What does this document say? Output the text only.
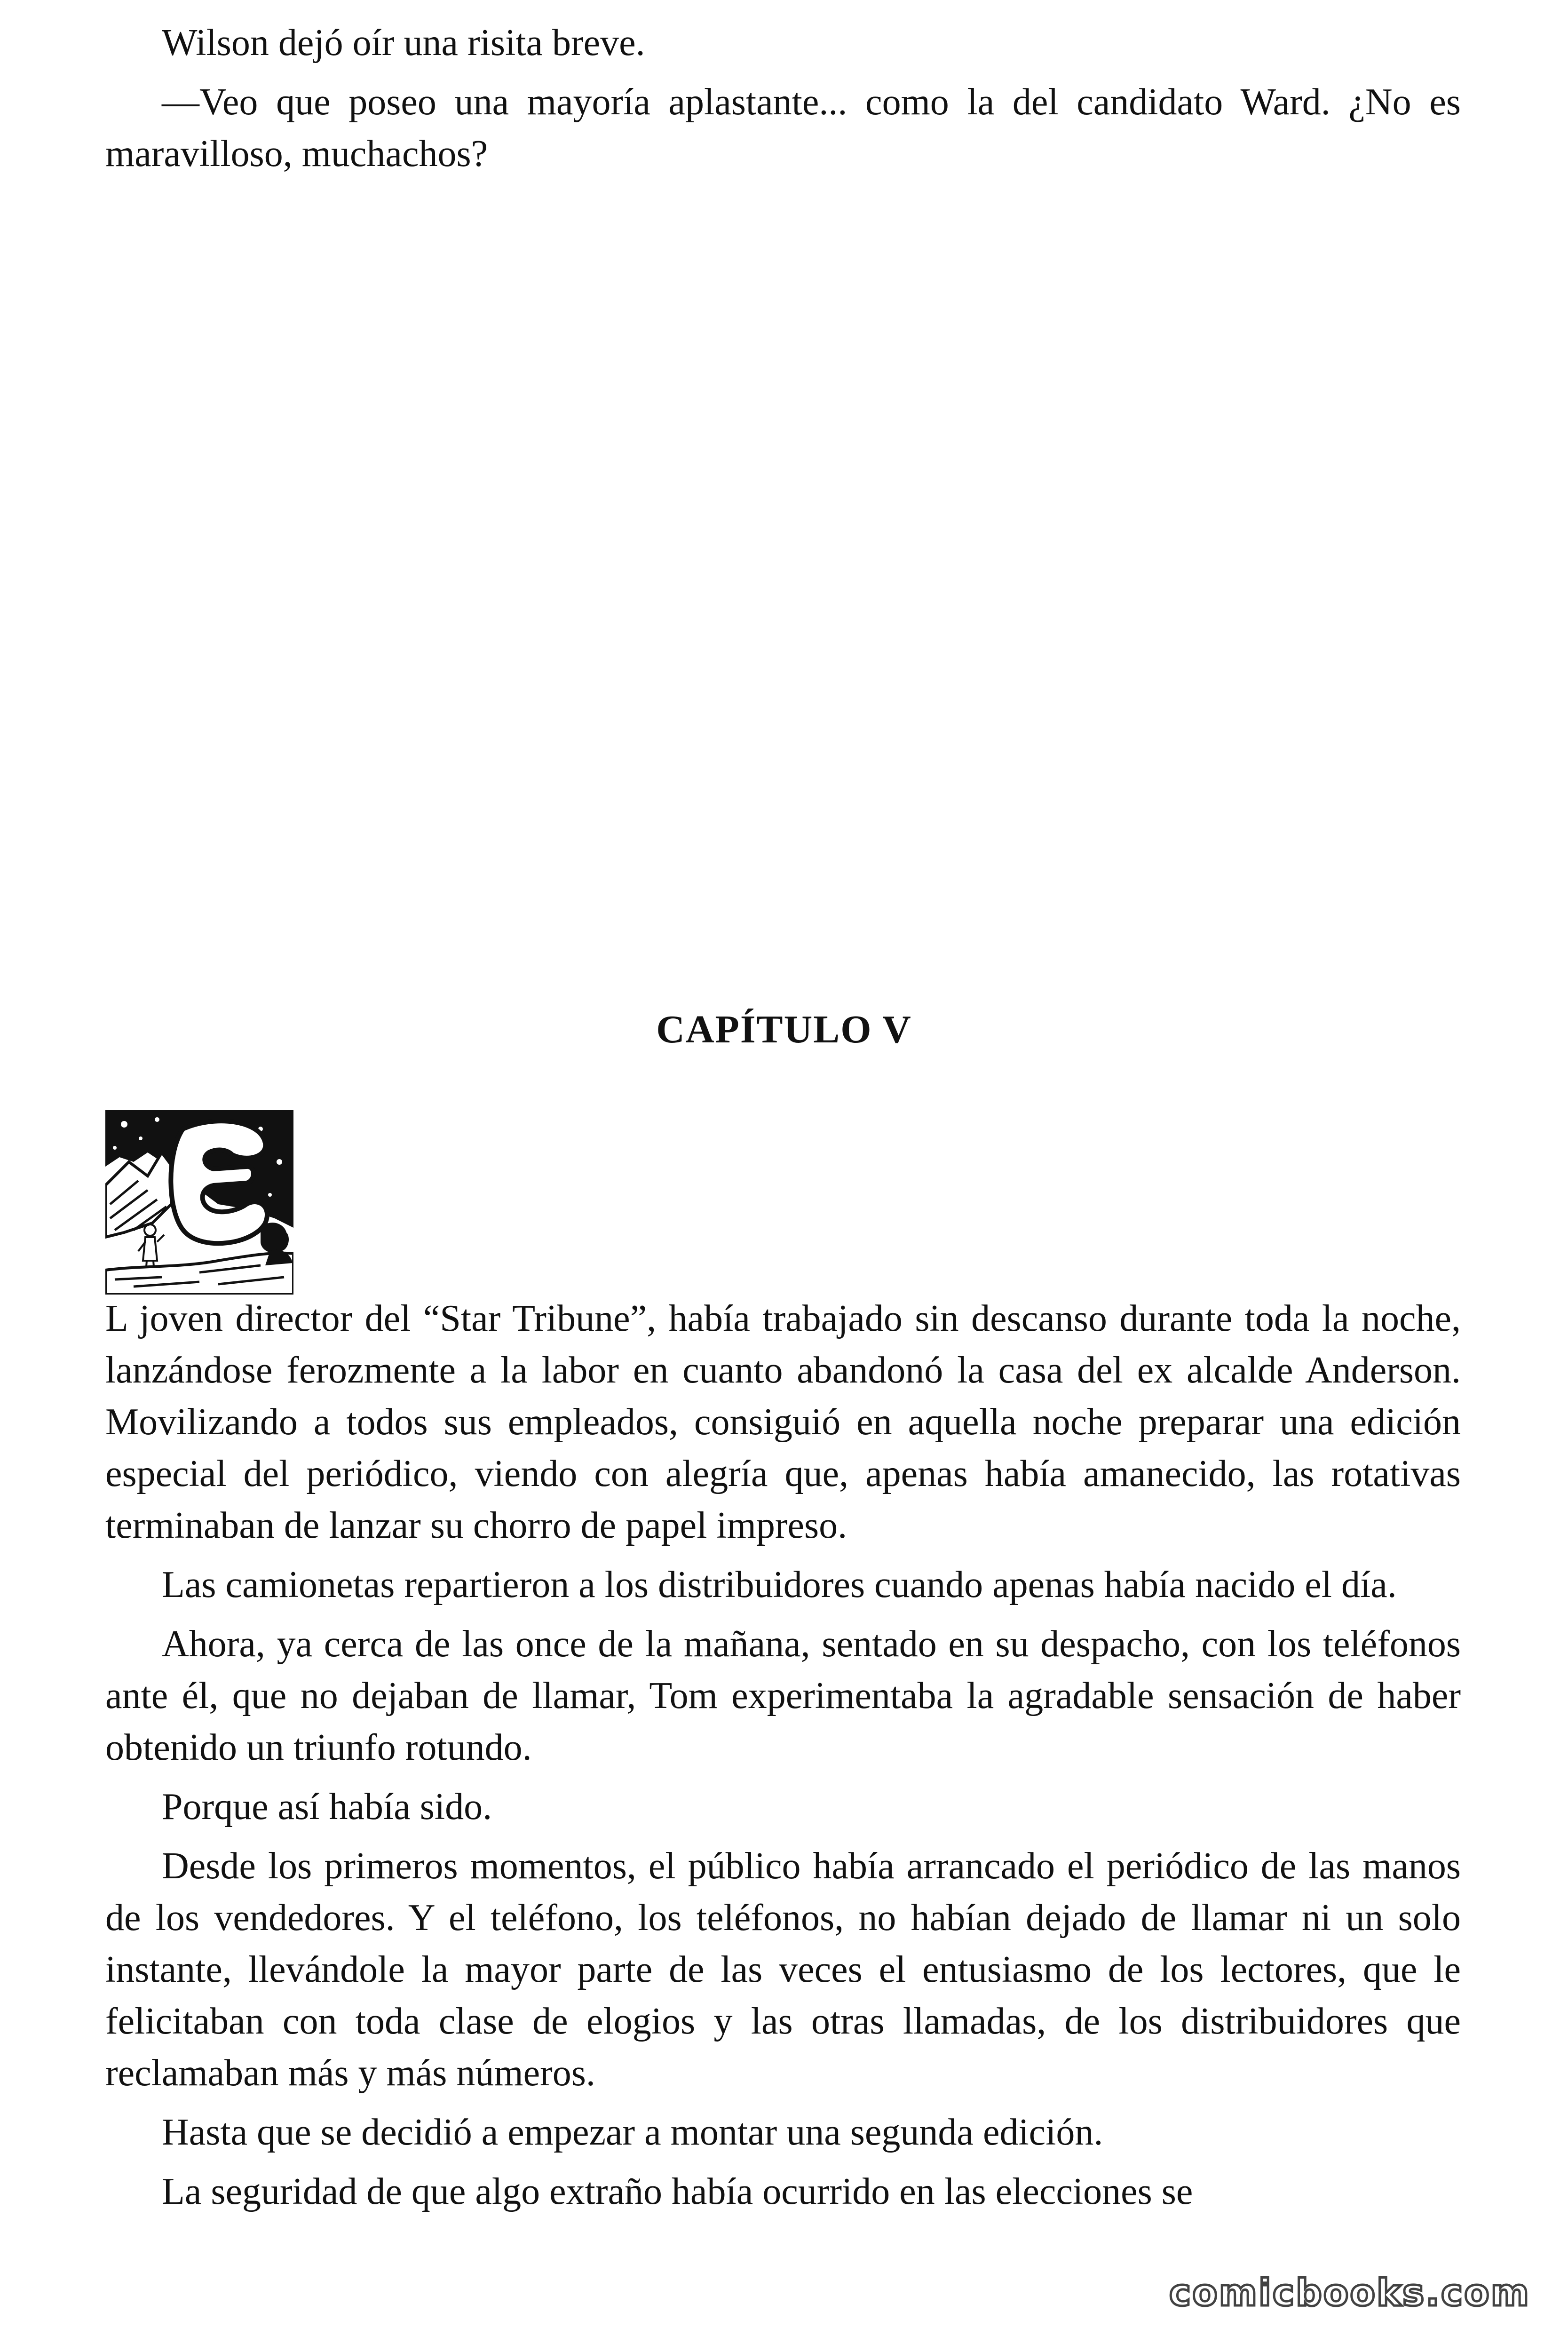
Wilson dejó oír una risita breve.

—Veo que poseo una mayoría aplastante... como la del candidato Ward. ¿No es maravilloso, muchachos?

CAPÍTULO V

L joven director del “Star Tribune”, había trabajado sin descanso durante toda la noche, lanzándose ferozmente a la labor en cuanto abandonó la casa del ex alcalde Anderson. Movilizando a todos sus empleados, consiguió en aquella noche preparar una edición especial del periódico, viendo con alegría que, apenas había amanecido, las rotativas terminaban de lanzar su chorro de papel impreso.

Las camionetas repartieron a los distribuidores cuando apenas había nacido el día.

Ahora, ya cerca de las once de la mañana, sentado en su despacho, con los teléfonos ante él, que no dejaban de llamar, Tom experimentaba la agradable sensación de haber obtenido un triunfo rotundo.

Porque así había sido.

Desde los primeros momentos, el público había arrancado el periódico de las manos de los vendedores. Y el teléfono, los teléfonos, no habían dejado de llamar ni un solo instante, llevándole la mayor parte de las veces el entusiasmo de los lectores, que le felicitaban con toda clase de elogios y las otras llamadas, de los distribuidores que reclamaban más y más números.

Hasta que se decidió a empezar a montar una segunda edición.

La seguridad de que algo extraño había ocurrido en las elecciones se

comicbooks.com
